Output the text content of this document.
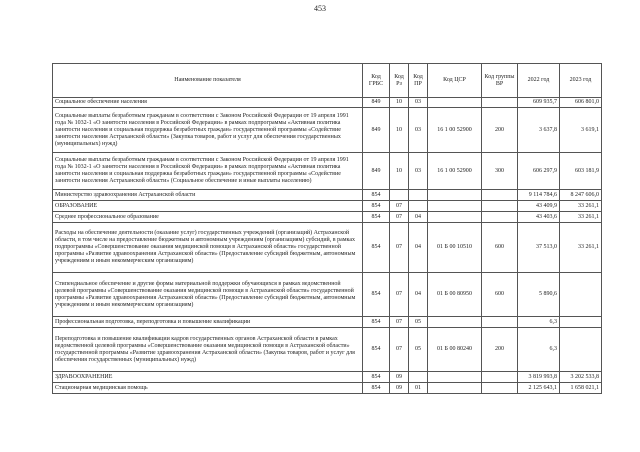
453
Наименование показателя	Код ГРБС	Код Рз	Код ПР	Код ЦСР	Код группы ВР	2022 год	2023 год
Социальное обеспечение населения	849	10	03			609 935,7	606 801,0
Социальные выплаты безработным гражданам в соответствии с Законом Российской Федерации от 19 апреля 1991 года № 1032-1 «О занятости населения в Российской Федерации» в рамках подпрограммы «Активная политика занятости населения и социальная поддержка безработных граждан» государственной программы «Содействие занятости населения Астраханской области» (Закупка товаров, работ и услуг для обеспечения государственных (муниципальных) нужд)	849	10	03	16 1 00 52900	200	3 637,8	3 619,1
Социальные выплаты безработным гражданам в соответствии с Законом Российской Федерации от 19 апреля 1991 года № 1032-1 «О занятости населения в Российской Федерации» в рамках подпрограммы «Активная политика занятости населения и социальная поддержка безработных граждан» государственной программы «Содействие занятости населения Астраханской области» (Социальное обеспечение и иные выплаты населению)	849	10	03	16 1 00 52900	300	606 297,9	603 181,9
Министерство здравоохранения Астраханской области	854					9 114 784,6	8 247 606,0
ОБРАЗОВАНИЕ	854	07				43 409,9	33 261,1
Среднее профессиональное образование	854	07	04			43 403,6	33 261,1
Расходы на обеспечение деятельности (оказание услуг) государственных учреждений (организаций) Астраханской области, в том числе на предоставление бюджетным и автономным учреждениям (организациям) субсидий, в рамках подпрограммы «Совершенствование оказания медицинской помощи в Астраханской области» государственной программы «Развитие здравоохранения Астраханской области» (Предоставление субсидий бюджетным, автономным учреждениям и иным некоммерческим организациям)	854	07	04	01 Б 00 10510	600	37 513,0	33 261,1
Стипендиальное обеспечение и другие формы материальной поддержки обучающихся в рамках ведомственной целевой программы «Совершенствование оказания медицинской помощи в Астраханской области» государственной программы «Развитие здравоохранения Астраханской области» (Предоставление субсидий бюджетным, автономным учреждениям и иным некоммерческим организациям)	854	07	04	01 Б 00 80950	600	5 890,6	
Профессиональная подготовка, переподготовка и повышение квалификации	854	07	05			6,3	
Переподготовка и повышение квалификации кадров государственных органов Астраханской области в рамках ведомственной целевой программы «Совершенствование оказания медицинской помощи в Астраханской области» государственной программы «Развитие здравоохранения Астраханской области» (Закупка товаров, работ и услуг для обеспечения государственных (муниципальных) нужд)	854	07	05	01 Б 00 80240	200	6,3	
ЗДРАВООХРАНЕНИЕ	854	09				3 819 993,8	3 202 533,8
Стационарная медицинская помощь	854	09	01			2 125 643,1	1 658 021,1
